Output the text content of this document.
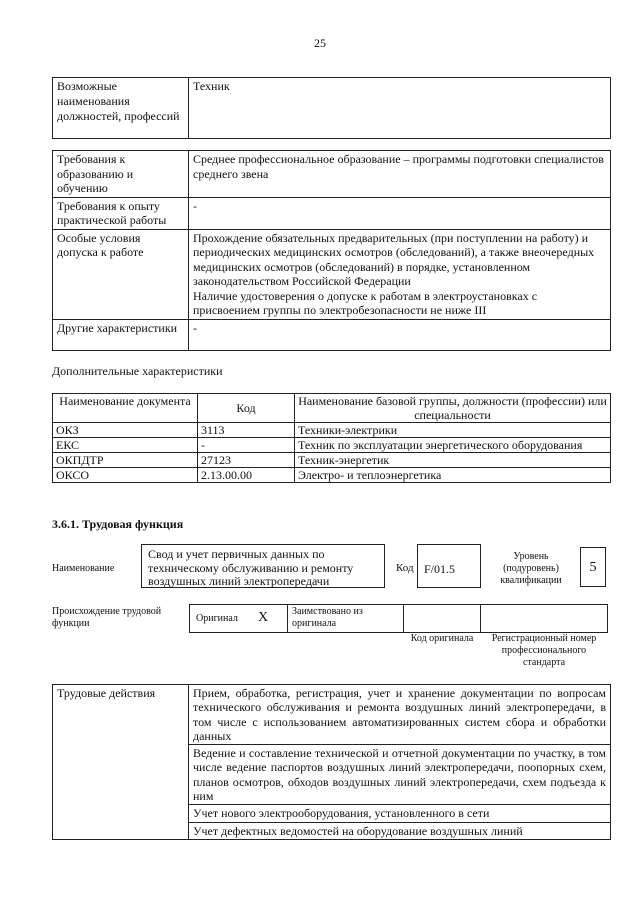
25
Возможные наименования должностей, профессий	Техник
Требования к образованию и обучению	Среднее профессиональное образование – программы подготовки специалистов среднего звена
Требования к опыту практической работы	-
Особые условия допуска к работе	Прохождение обязательных предварительных (при поступлении на работу) и периодических медицинских осмотров (обследований), а также внеочередных медицинских осмотров (обследований) в порядке, установленном законодательством Российской Федерации
Наличие удостоверения о допуске к работам в электроустановках с присвоением группы по электробезопасности не ниже III

Другие характеристики	-
Дополнительные характеристики
Наименование документа	Код	Наименование базовой группы, должности (профессии) или специальности
ОКЗ	3113	Техники-электрики
ЕКС	-	Техник по эксплуатации энергетического оборудования
ОКПДТР	27123	Техник-энергетик
ОКСО	2.13.00.00	Электро- и теплоэнергетика
3.6.1. Трудовая функция
Наименование
Свод и учет первичных данных по техническому обслуживанию и ремонту воздушных линий электропередачи
Код F/01.5
Уровень (подуровень) квалификации
5
Происхождение трудовой функции	Оригинал X Заимствовано из оригинала
Код оригинала	Регистрационный номер профессионального стандарта
Трудовые действия	Прием, обработка, регистрация, учет и хранение документации по вопросам технического обслуживания и ремонта воздушных линий электропередачи, в том числе с использованием автоматизированных систем сбора и обработки данных
Ведение и составление технической и отчетной документации по участку, в том числе ведение паспортов воздушных линий электропередачи, поопорных схем, планов осмотров, обходов воздушных линий электропередачи, схем подъезда к ним
Учет нового электрооборудования, установленного в сети
Учет дефектных ведомостей на оборудование воздушных линий
